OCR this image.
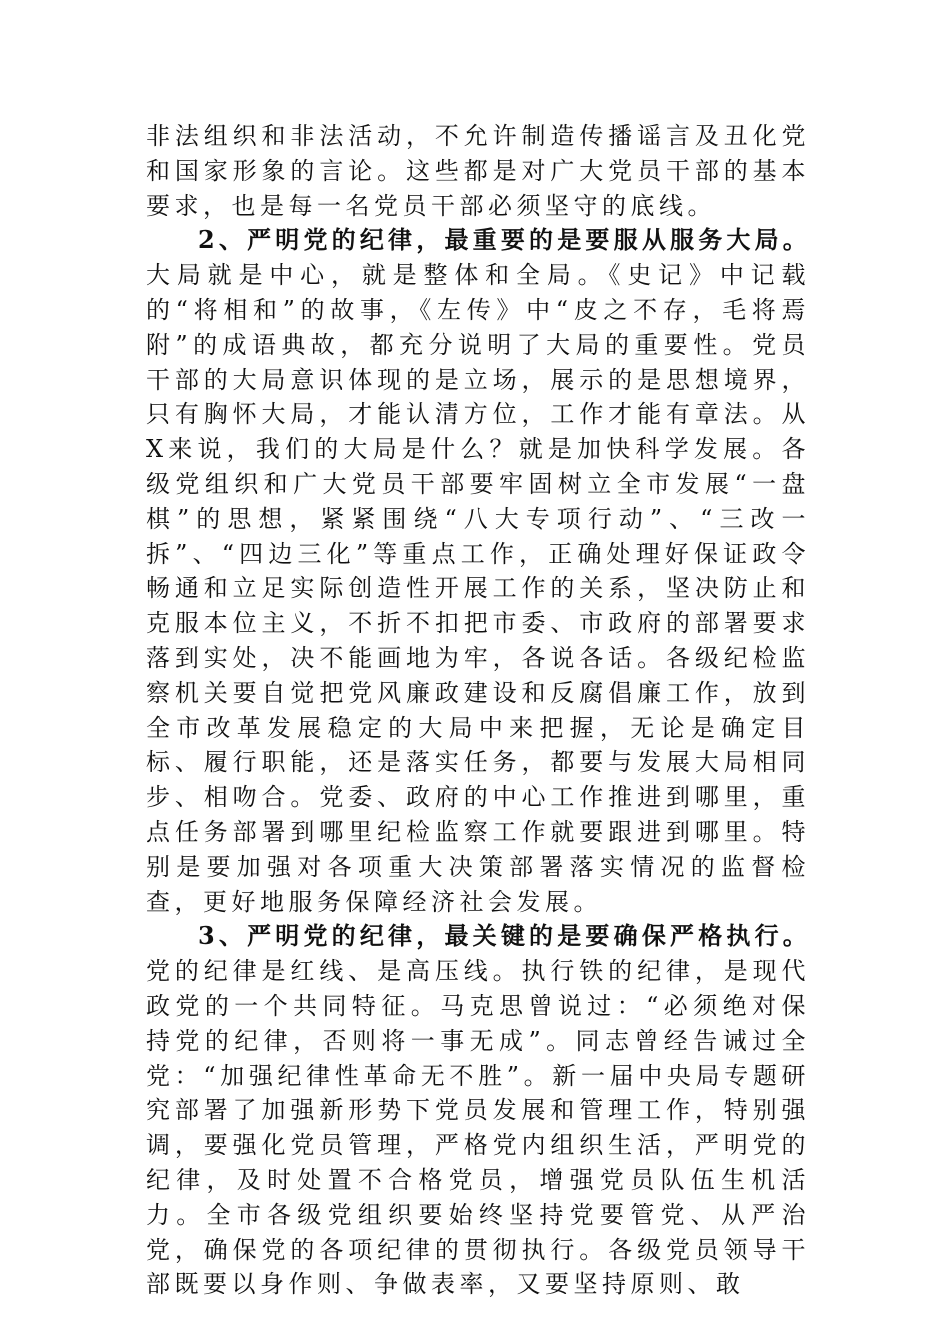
非法组织和非法活动，不允许制造传播谣言及丑化党和国家形象的言论。这些都是对广大党员干部的基本要求，也是每一名党员干部必须坚守的底线。

2、严明党的纪律，最重要的是要服从服务大局。大局就是中心，就是整体和全局。《史记》中记载的“将相和”的故事，《左传》中“皮之不存，毛将焉附”的成语典故，都充分说明了大局的重要性。党员干部的大局意识体现的是立场，展示的是思想境界，只有胸怀大局，才能认清方位，工作才能有章法。从X来说，我们的大局是什么？就是加快科学发展。各级党组织和广大党员干部要牢固树立全市发展“一盘棋”的思想，紧紧围绕“八大专项行动”、“三改一拆”、“四边三化”等重点工作，正确处理好保证政令畅通和立足实际创造性开展工作的关系，坚决防止和克服本位主义，不折不扣把市委、市政府的部署要求落到实处，决不能画地为牢，各说各话。各级纪检监察机关要自觉把党风廉政建设和反腐倡廉工作，放到全市改革发展稳定的大局中来把握，无论是确定目标、履行职能，还是落实任务，都要与发展大局相同步、相吻合。党委、政府的中心工作推进到哪里，重点任务部署到哪里纪检监察工作就要跟进到哪里。特别是要加强对各项重大决策部署落实情况的监督检查，更好地服务保障经济社会发展。

3、严明党的纪律，最关键的是要确保严格执行。党的纪律是红线、是高压线。执行铁的纪律，是现代政党的一个共同特征。马克思曾说过：“必须绝对保持党的纪律，否则将一事无成”。同志曾经告诫过全党：“加强纪律性革命无不胜”。新一届中央局专题研究部署了加强新形势下党员发展和管理工作，特别强调，要强化党员管理，严格党内组织生活，严明党的纪律，及时处置不合格党员，增强党员队伍生机活力。全市各级党组织要始终坚持党要管党、从严治党，确保党的各项纪律的贯彻执行。各级党员领导干部既要以身作则、争做表率，又要坚持原则、敢
